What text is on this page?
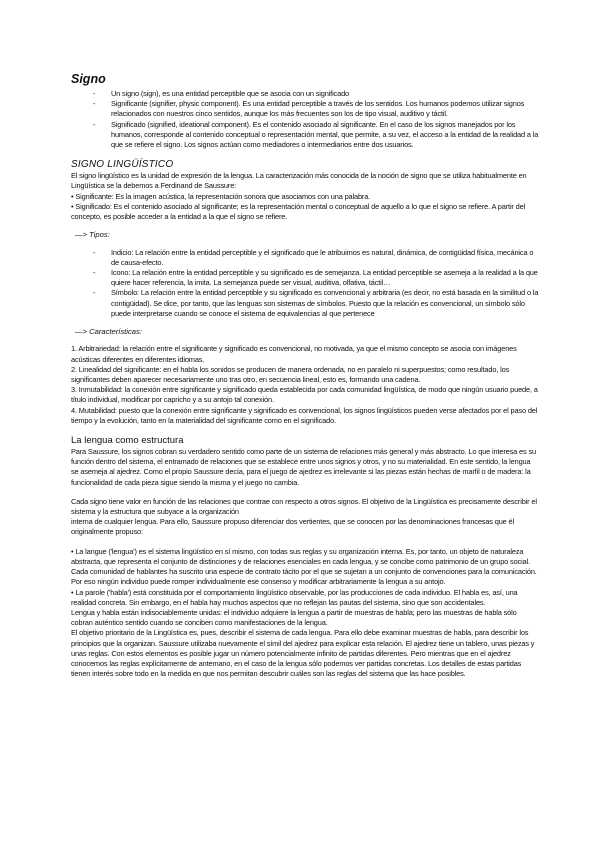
Signo
- Un signo (sign), es una entidad perceptible que se asocia con un significado
- Significante (signifier, physic component). Es una entidad perceptible a través de los sentidos. Los humanos podemos utilizar signos relacionados con nuestros cinco sentidos, aunque los más frecuentes son los de tipo visual, auditivo y táctil.
- Significado (signified, ideational component). Es el contenido asociado al significante. En el caso de los signos manejados por los humanos, corresponde al contenido conceptual o representación mental, que permite, a su vez, el acceso a la entidad de la realidad a la que se refiere el signo. Los signos actúan como mediadores o intermediarios entre dos usuarios.
SIGNO LINGÜÍSTICO

El signo lingüístico es la unidad de expresión de la lengua. La caracterización más conocida de la noción de signo que se utiliza habitualmente en Lingüística se la debemos a Ferdinand de Saussure:

• Significante: Es la imagen acústica, la representación sonora que asociamos con una palabra.

• Significado: Es el contenido asociado al significante; es la representación mental o conceptual de aquello a lo que el signo se refiere. A partir del concepto, es posible acceder a la entidad a la que el signo se refiere.

—> Tipos:

- Indicio: La relación entre la entidad perceptible y el significado que le atribuimos es natural, dinámica, de contigüidad física, mecánica o de causa-efecto.
- Icono: La relación entre la entidad perceptible y su significado es de semejanza. La entidad perceptible se asemeja a la realidad a la que quiere hacer referencia, la imita. La semejanza puede ser visual, auditiva, olfativa, táctil…
- Símbolo: La relación entre la entidad perceptible y su significado es convencional y arbitraria (es decir, no está basada en la similitud o la contigüidad). Se dice, por tanto, que las lenguas son sistemas de símbolos. Puesto que la relación es convencional, un símbolo sólo puede interpretarse cuando se conoce el sistema de equivalencias al que pertenece

—> Características:

1. Arbitrariedad: la relación entre el significante y significado es convencional, no motivada, ya que el mismo concepto se asocia con imágenes acústicas diferentes en diferentes idiomas.

2. Linealidad del significante: en el habla los sonidos se producen de manera ordenada, no en paralelo ni superpuestos; como resultado, los significantes deben aparecer necesariamente uno tras otro, en secuencia lineal, esto es, formando una cadena.

3. Inmutabilidad: la conexión entre significante y significado queda establecida por cada comunidad lingüística, de modo que ningún usuario puede, a título individual, modificar por capricho y a su antojo tal conexión.

4. Mutabilidad: puesto que la conexión entre significante y significado es convencional, los signos lingüísticos pueden verse afectados por el paso del tiempo y la evolución, tanto en la materialidad del significante como en el significado.

La lengua como estructura

Para Saussure, los signos cobran su verdadero sentido como parte de un sistema de relaciones más general y más abstracto. Lo que interesa es su función dentro del sistema, el entramado de relaciones que se establece entre unos signos y otros, y no su materialidad. En este sentido, la lengua se asemeja al ajedrez. Como el propio Saussure decía, para el juego de ajedrez es irrelevante si las piezas están hechas de marfil o de madera: la funcionalidad de cada pieza sigue siendo la misma y el juego no cambia.

Cada signo tiene valor en función de las relaciones que contrae con respecto a otros signos. El objetivo de la Lingüística es precisamente describir el sistema y la estructura que subyace a la organización

interna de cualquier lengua. Para ello, Saussure propuso diferenciar dos vertientes, que se conocen por las denominaciones francesas que él originalmente propuso:

• La langue ('lengua') es el sistema lingüístico en sí mismo, con todas sus reglas y su organización interna. Es, por tanto, un objeto de naturaleza abstracta, que representa el conjunto de distinciones y de relaciones esenciales en cada lengua, y se concibe como patrimonio de un grupo social. Cada comunidad de hablantes ha suscrito una especie de contrato tácito por el que se sujetan a un conjunto de convenciones para la comunicación. Por eso ningún individuo puede romper individualmente ese consenso y modificar arbitrariamente la lengua a su antojo.

• La parole ('habla') está constituida por el comportamiento lingüístico observable, por las producciones de cada individuo. El habla es, así, una realidad concreta. Sin embargo, en el habla hay muchos aspectos que no reflejan las pautas del sistema, sino que son accidentales.

Lengua y habla están indisociablemente unidas: el individuo adquiere la lengua a partir de muestras de habla; pero las muestras de habla sólo cobran auténtico sentido cuando se conciben como manifestaciones de la lengua.

El objetivo prioritario de la Lingüística es, pues, describir el sistema de cada lengua. Para ello debe examinar muestras de habla, para describir los principios que la organizan. Saussure utilizaba nuevamente el símil del ajedrez para explicar esta relación. El ajedrez tiene un tablero, unas piezas y unas reglas. Con estos elementos es posible jugar un número potencialmente infinito de partidas diferentes. Pero mientras que en el ajedrez conocemos las reglas explícitamente de antemano, en el caso de la lengua sólo podemos ver partidas concretas. Los detalles de estas partidas tienen interés sobre todo en la medida en que nos permitan descubrir cuáles son las reglas del sistema que las hace posibles.
